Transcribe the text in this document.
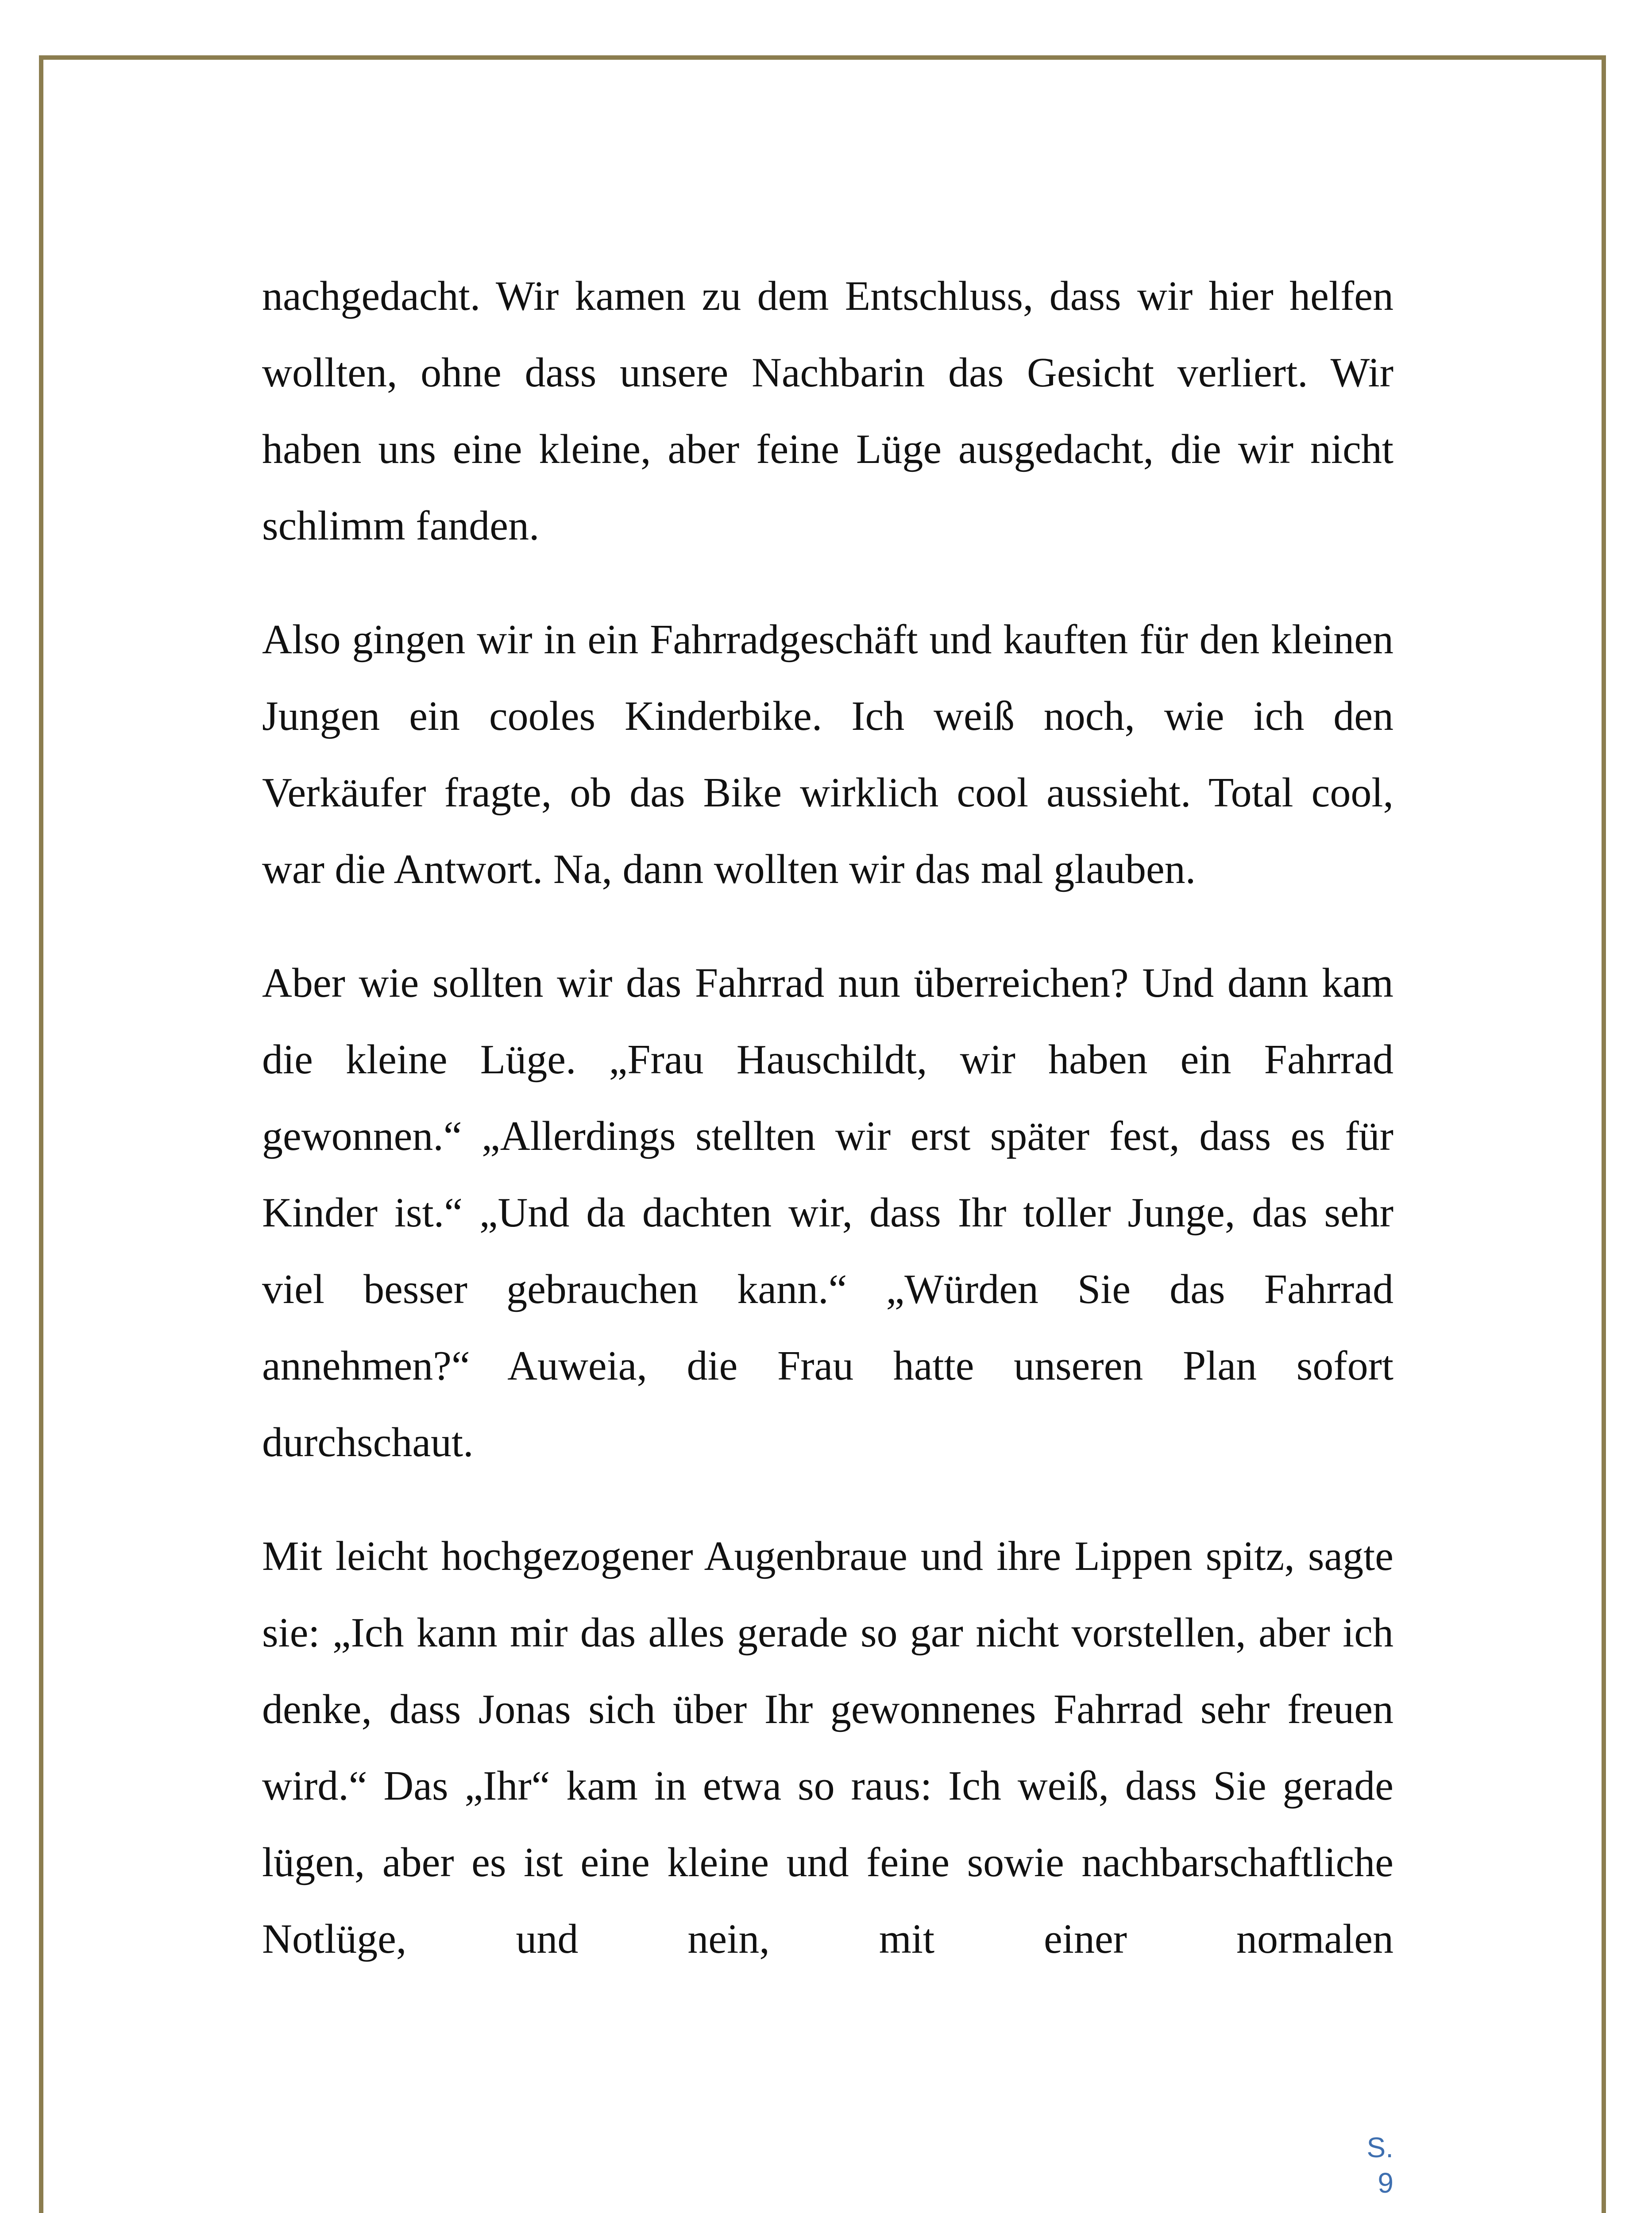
nachgedacht. Wir kamen zu dem Entschluss, dass wir hier helfen wollten, ohne dass unsere Nachbarin das Gesicht verliert. Wir haben uns eine kleine, aber feine Lüge ausgedacht, die wir nicht schlimm fanden.

Also gingen wir in ein Fahrradgeschäft und kauften für den kleinen Jungen ein cooles Kinderbike. Ich weiß noch, wie ich den Verkäufer fragte, ob das Bike wirklich cool aussieht. Total cool, war die Antwort. Na, dann wollten wir das mal glauben.

Aber wie sollten wir das Fahrrad nun überreichen? Und dann kam die kleine Lüge. „Frau Hauschildt, wir haben ein Fahrrad gewonnen.“ „Allerdings stellten wir erst später fest, dass es für Kinder ist.“ „Und da dachten wir, dass Ihr toller Junge, das sehr viel besser gebrauchen kann.“ „Würden Sie das Fahrrad annehmen?“ Auweia, die Frau hatte unseren Plan sofort durchschaut.

Mit leicht hochgezogener Augenbraue und ihre Lippen spitz, sagte sie: „Ich kann mir das alles gerade so gar nicht vorstellen, aber ich denke, dass Jonas sich über Ihr gewonnenes Fahrrad sehr freuen wird.“ Das „Ihr“ kam in etwa so raus: Ich weiß, dass Sie gerade lügen, aber es ist eine kleine und feine sowie nachbarschaftliche Notlüge, und nein, mit einer normalen

S. 9
